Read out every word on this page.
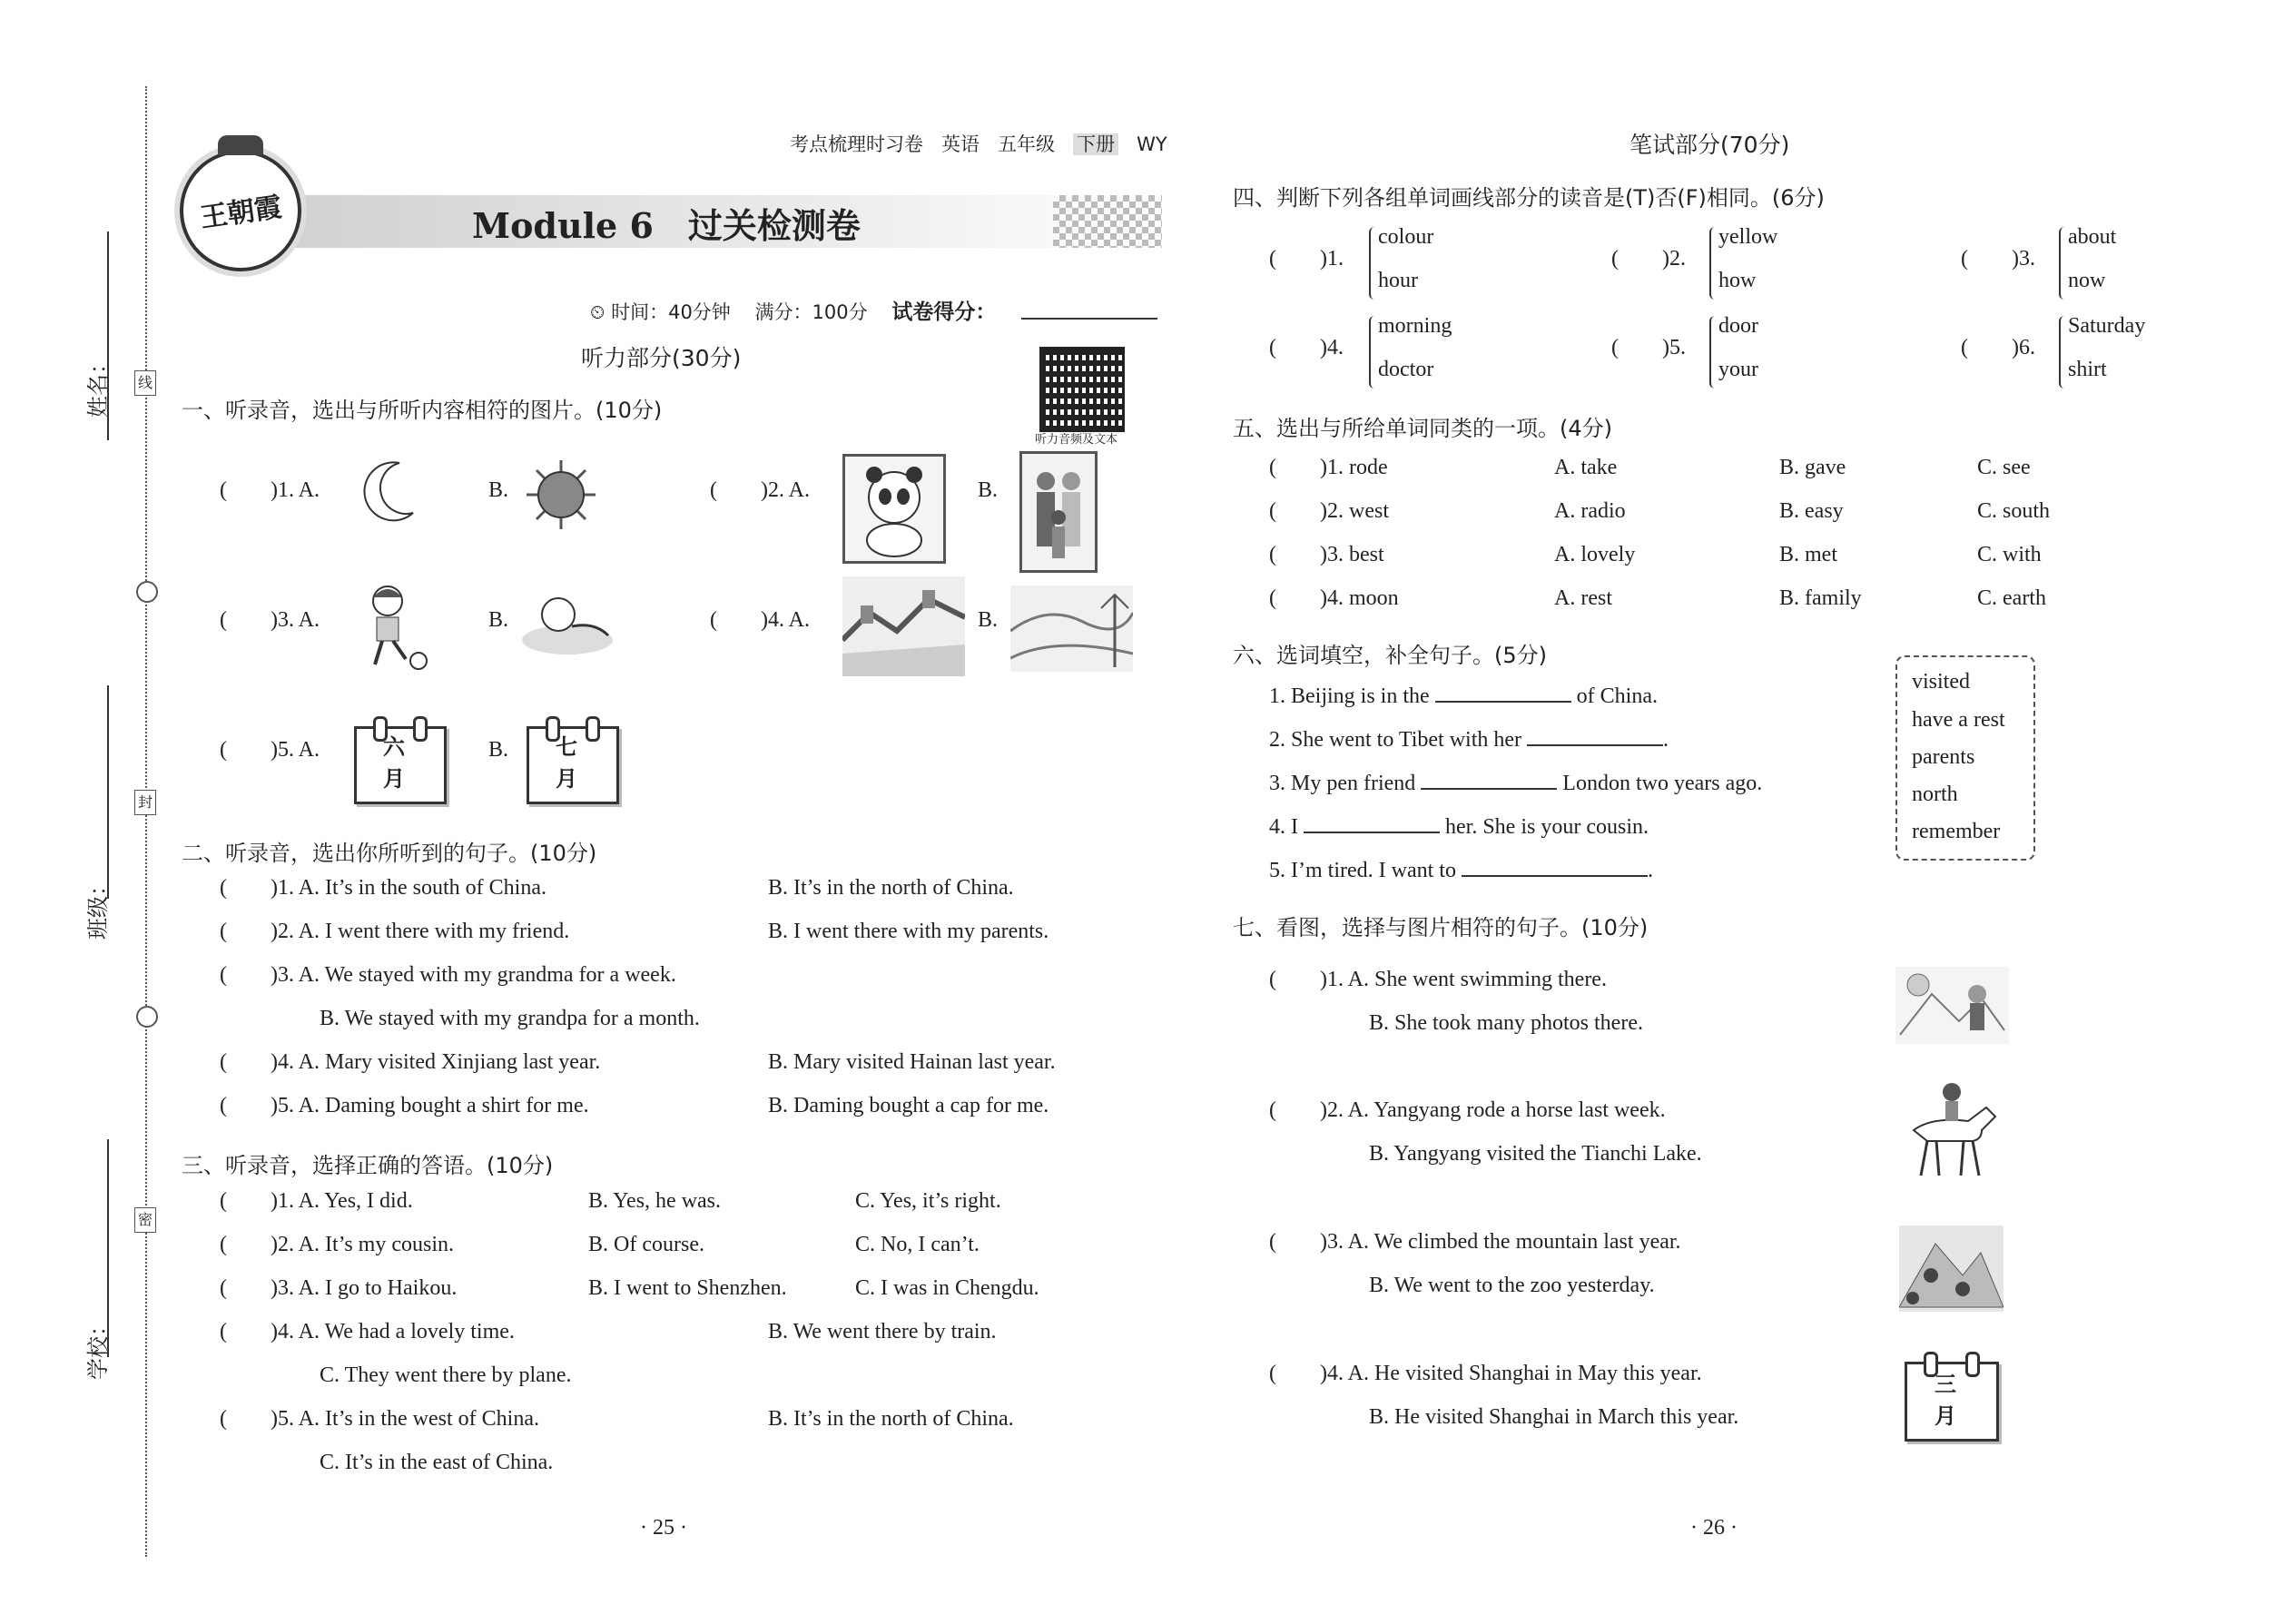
姓名：
班级：
学校：
线
封
密
考点梳理时习卷 英语 五年级 下册 WY
Module 6　过关检测卷
王朝霞
⏲ 时间：40分钟 满分：100分 试卷得分：
听力音频及文本
听力部分(30分)
一、听录音，选出与所听内容相符的图片。(10分)
(        )1. A.	B.	(        )2. A.	B.
(        )3. A.	B.	(        )4. A.	B.
(        )5. A.	六　月
B.	七　月
二、听录音，选出你所听到的句子。(10分)
(        )1. A. It’s in the south of China.	B. It’s in the north of China.
(        )2. A. I went there with my friend.	B. I went there with my parents.
(        )3. A. We stayed with my grandma for a week.
B. We stayed with my grandpa for a month.
(        )4. A. Mary visited Xinjiang last year.	B. Mary visited Hainan last year.
(        )5. A. Daming bought a shirt for me.	B. Daming bought a cap for me.
三、听录音，选择正确的答语。(10分)
(        )1. A. Yes, I did.	B. Yes, he was.	C. Yes, it’s right.
(        )2. A. It’s my cousin.	B. Of course.	C. No, I can’t.
(        )3. A. I go to Haikou.	B. I went to Shenzhen.	C. I was in Chengdu.
(        )4. A. We had a lovely time.	B. We went there by train.
C. They went there by plane.
(        )5. A. It’s in the west of China.	B. It’s in the north of China.
C. It’s in the east of China.
· 25 ·
笔试部分(70分)
四、判断下列各组单词画线部分的读音是(T)否(F)相同。(6分)
(        )1.
colour
hour
(        )2.
yellow
how
(        )3.
about
now
(        )4.
morning
doctor
(        )5.
door
your
(        )6.
Saturday
shirt
五、选出与所给单词同类的一项。(4分)
(        )1. rode	A. take	B. gave	C. see
(        )2. west	A. radio	B. easy	C. south
(        )3. best	A. lovely	B. met	C. with
(        )4. moon	A. rest	B. family	C. earth
六、选词填空，补全句子。(5分)
1. Beijing is in the	of China.
2. She went to Tibet with her	.
3. My pen friend	London two years ago.
4. I	her. She is your cousin.
5. I’m tired. I want to	.
visited
have a rest
parents
north
remember
七、看图，选择与图片相符的句子。(10分)
(        )1. A. She went swimming there.
B. She took many photos there.
(        )2. A. Yangyang rode a horse last week.
B. Yangyang visited the Tianchi Lake.
(        )3. A. We climbed the mountain last year.
B. We went to the zoo yesterday.
(        )4. A. He visited Shanghai in May this year.
B. He visited Shanghai in March this year.
三　月
· 26 ·
